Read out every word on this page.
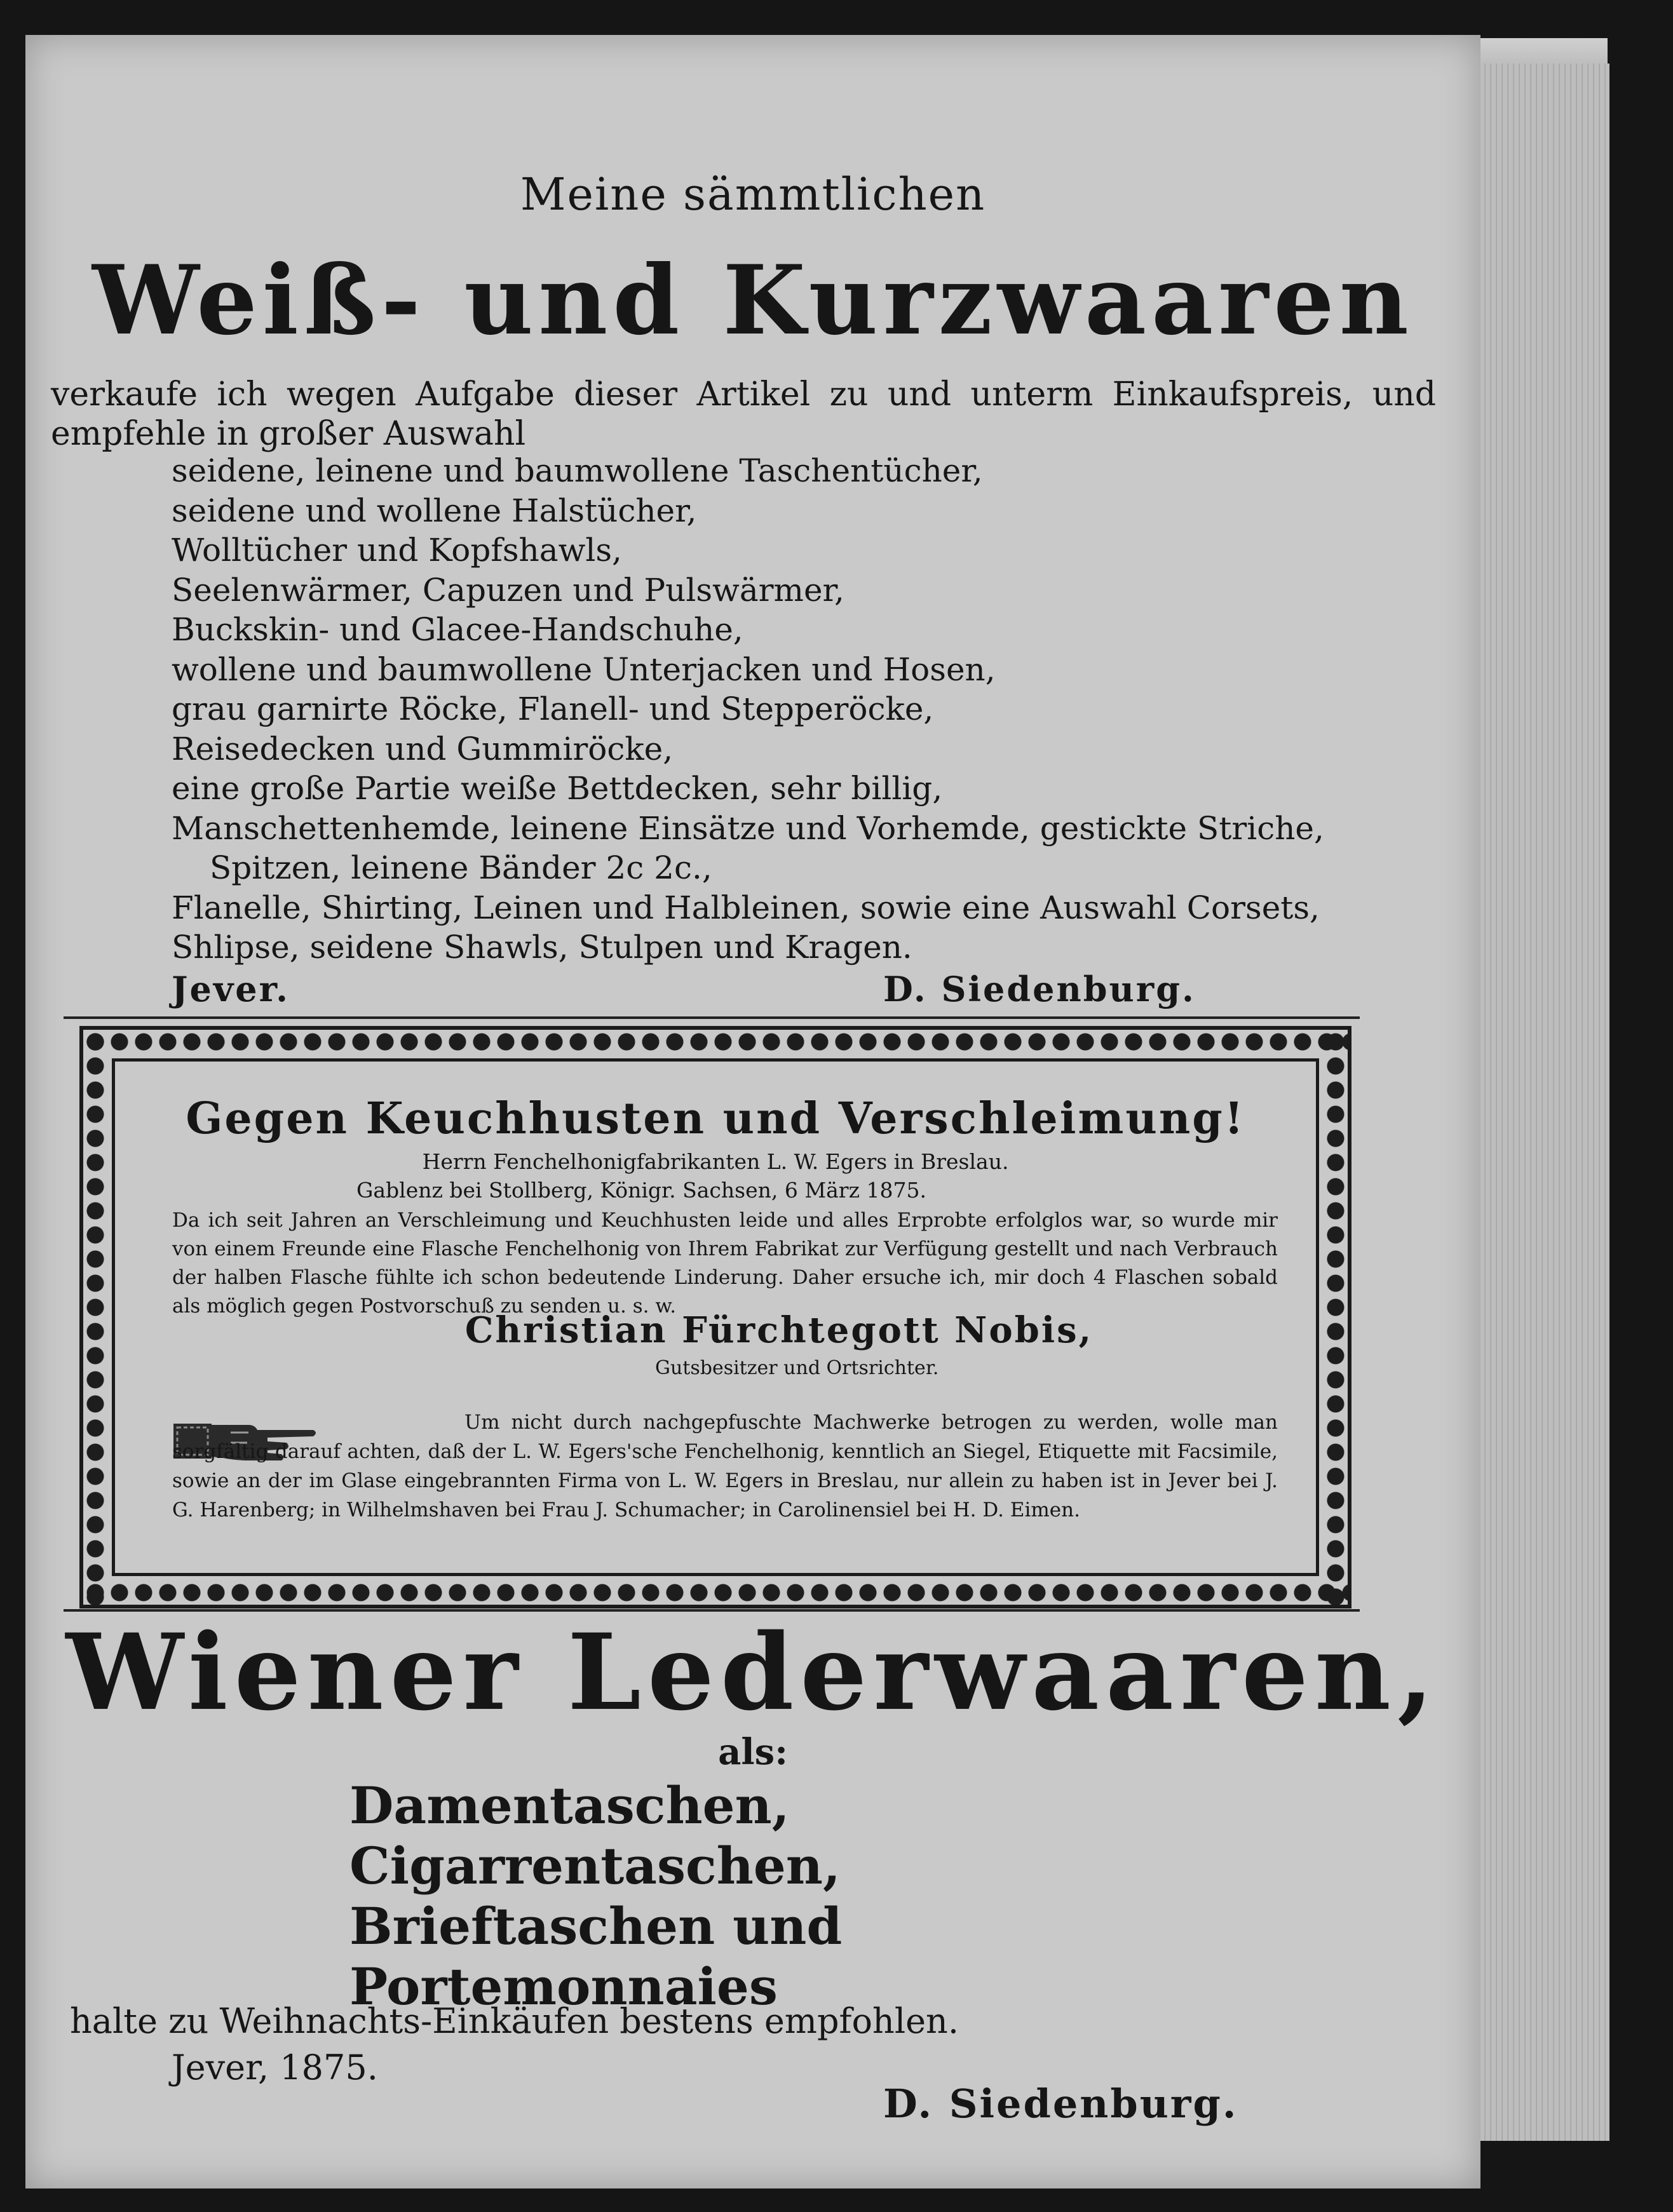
Meine sämmtlichen
Weiß- und Kurzwaaren
verkaufe ich wegen Aufgabe dieser Artikel zu und unterm Einkaufspreis, und empfehle in großer Auswahl
seidene, leinene und baumwollene Taschentücher,
seidene und wollene Halstücher,
Wolltücher und Kopfshawls,
Seelenwärmer, Capuzen und Pulswärmer,
Buckskin- und Glacee-Handschuhe,
wollene und baumwollene Unterjacken und Hosen,
grau garnirte Röcke, Flanell- und Stepperöcke,
Reisedecken und Gummiröcke,
eine große Partie weiße Bettdecken, sehr billig,
Manschettenhemde, leinene Einsätze und Vorhemde, gestickte Striche,
Spitzen, leinene Bänder 2c 2c.,
Flanelle, Shirting, Leinen und Halbleinen, sowie eine Auswahl Corsets, Shlipse, seidene Shawls, Stulpen und Kragen.
Jever.	D. Siedenburg.
Gegen Keuchhusten und Verschleimung!
Herrn Fenchelhonigfabrikanten L. W. Egers in Breslau.
Gablenz bei Stollberg, Königr. Sachsen, 6 März 1875.
Da ich seit Jahren an Verschleimung und Keuchhusten leide und alles Erprobte erfolglos war, so wurde mir von einem Freunde eine Flasche Fenchelhonig von Ihrem Fabrikat zur Verfügung gestellt und nach Verbrauch der halben Flasche fühlte ich schon bedeutende Linderung. Daher ersuche ich, mir doch 4 Flaschen sobald als möglich gegen Postvorschuß zu senden u. s. w.
Christian Fürchtegott Nobis,
Gutsbesitzer und Ortsrichter.
Um nicht durch nachgepfuschte Machwerke betrogen zu werden, wolle man sorgfältig darauf achten, daß der L. W. Egers'sche Fenchelhonig, kenntlich an Siegel, Etiquette mit Facsimile, sowie an der im Glase eingebrannten Firma von L. W. Egers in Breslau, nur allein zu haben ist in Jever bei J. G. Harenberg; in Wilhelmshaven bei Frau J. Schumacher; in Carolinensiel bei H. D. Eimen.
Wiener Lederwaaren,
als:
Damentaschen,
Cigarrentaschen,
Brieftaschen und
Portemonnaies
halte zu Weihnachts-Einkäufen bestens empfohlen.
Jever, 1875.
D. Siedenburg.
